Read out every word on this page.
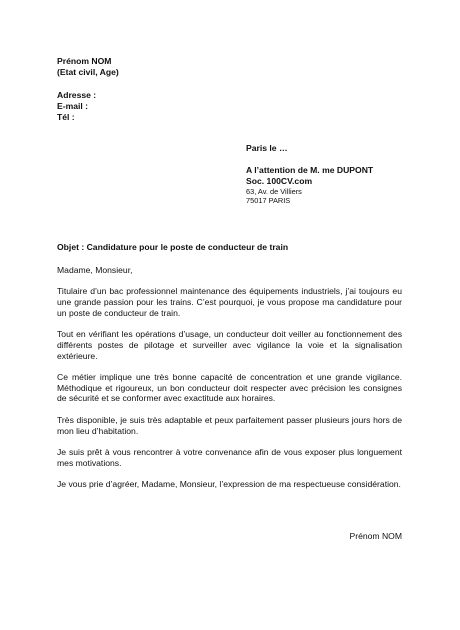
Prénom NOM
(Etat civil, Age)
Adresse :
E-mail :
Tél :
Paris le …
A l’attention de M. me DUPONT
Soc. 100CV.com
63, Av. de Villiers
75017 PARIS
Objet : Candidature pour le poste de conducteur de train

Madame, Monsieur,

Titulaire d’un bac professionnel maintenance des équipements industriels, j’ai toujours eu une grande passion pour les trains. C’est pourquoi, je vous propose ma candidature pour un poste de conducteur de train.

Tout en vérifiant les opérations d’usage, un conducteur doit veiller au fonctionnement des différents postes de pilotage et surveiller avec vigilance la voie et la signalisation extérieure.

Ce métier implique une très bonne capacité de concentration et une grande vigilance. Méthodique et rigoureux, un bon conducteur doit respecter avec précision les consignes de sécurité et se conformer avec exactitude aux horaires.

Très disponible, je suis très adaptable et peux parfaitement passer plusieurs jours hors de mon lieu d’habitation.

Je suis prêt à vous rencontrer à votre convenance afin de vous exposer plus longuement mes motivations.

Je vous prie d’agréer, Madame, Monsieur, l’expression de ma respectueuse considération.

Prénom NOM
